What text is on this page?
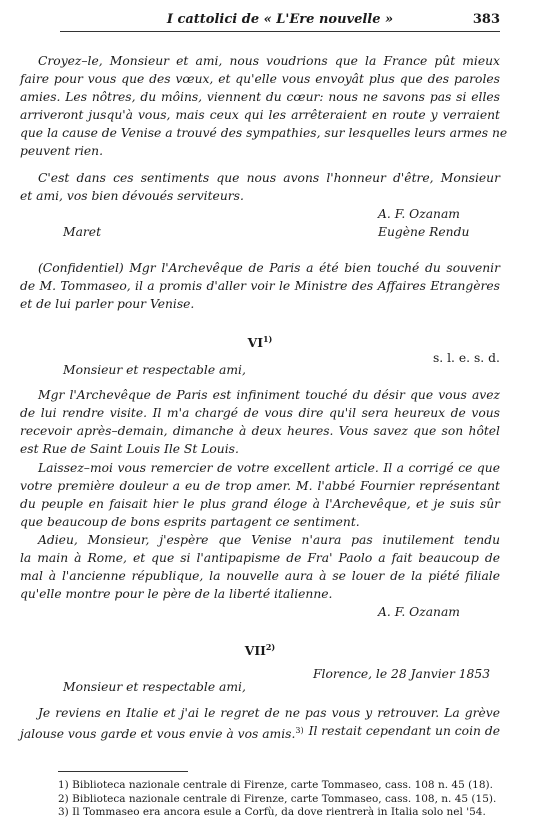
I cattolici de « L'Ere nouvelle »	383
Croyez–le, Monsieur et ami, nous voudrions que la France pût mieux
faire pour vous que des vœux, et qu'elle vous envoyât plus que des paroles
amies. Les nôtres, du môins, viennent du cœur: nous ne savons pas si elles
arriveront jusqu'à vous, mais ceux qui les arrêteraient en route y verraient
que la cause de Venise a trouvé des sympathies, sur lesquelles leurs armes ne
peuvent rien.
C'est dans ces sentiments que nous avons l'honneur d'être, Monsieur
et ami, vos bien dévoués serviteurs.
A. F. Ozanam
Maret	Eugène Rendu
(Confidentiel) Mgr l'Archevêque de Paris a été bien touché du souvenir
de M. Tommaseo, il a promis d'aller voir le Ministre des Affaires Etrangères
et de lui parler pour Venise.
VI$^{1)}$
s. l. e. s. d.
Monsieur et respectable ami,
Mgr l'Archevêque de Paris est infiniment touché du désir que vous avez
de lui rendre visite. Il m'a chargé de vous dire qu'il sera heureux de vous
recevoir après–demain, dimanche à deux heures. Vous savez que son hôtel
est Rue de Saint Louis Ile St Louis.
Laissez–moi vous remercier de votre excellent article. Il a corrigé ce que
votre première douleur a eu de trop amer. M. l'abbé Fournier représentant
du peuple en faisait hier le plus grand éloge à l'Archevêque, et je suis sûr
que beaucoup de bons esprits partagent ce sentiment.
Adieu, Monsieur, j'espère que Venise n'aura pas inutilement tendu
la main à Rome, et que si l'antipapisme de Fra' Paolo a fait beaucoup de
mal à l'ancienne république, la nouvelle aura à se louer de la piété filiale
qu'elle montre pour le père de la liberté italienne.
A. F. Ozanam
VII$^{2)}$
Florence, le 28 Janvier 1853
Monsieur et respectable ami,
Je reviens en Italie et j'ai le regret de ne pas vous y retrouver. La grève
jalouse vous garde et vous envie à vos amis.$^{3)}$ Il restait cependant un coin de
1) Biblioteca nazionale centrale di Firenze, carte Tommaseo, cass. 108 n. 45 (18).
2) Biblioteca nazionale centrale di Firenze, carte Tommaseo, cass. 108, n. 45 (15).
3) Il Tommaseo era ancora esule a Corfù, da dove rientrerà in Italia solo nel '54.
